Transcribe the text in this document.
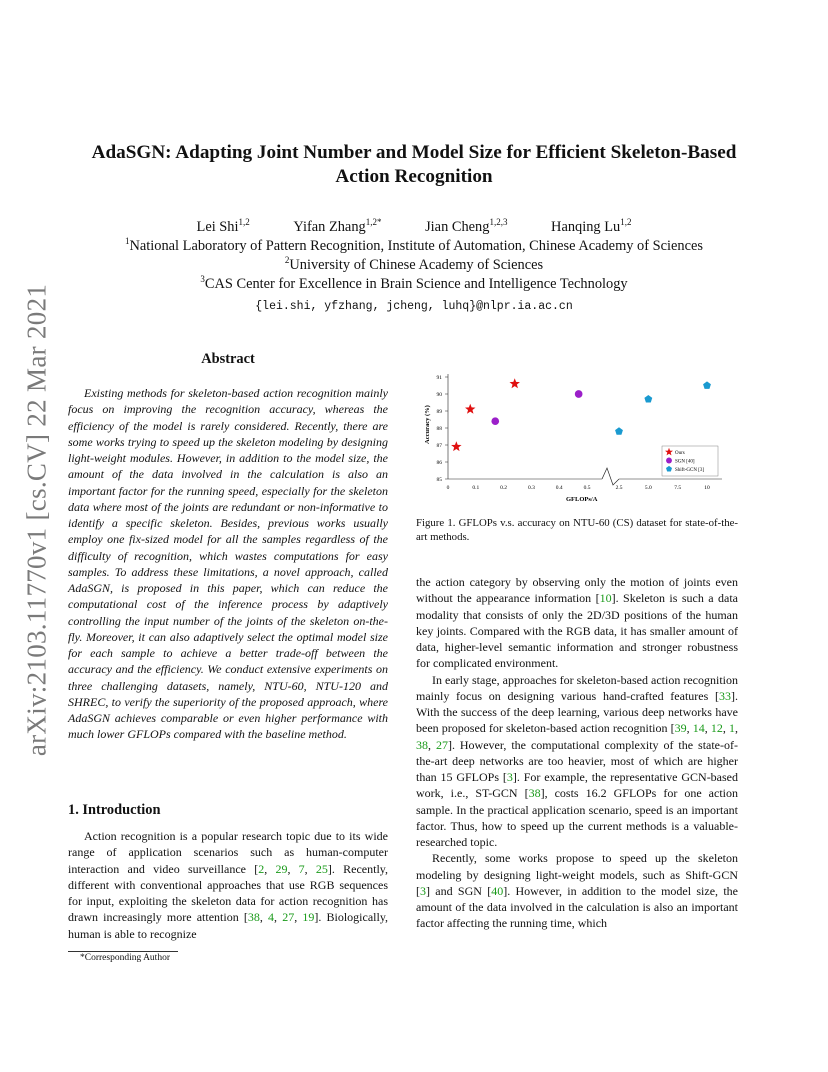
arXiv:2103.11770v1 [cs.CV] 22 Mar 2021
AdaSGN: Adapting Joint Number and Model Size for Efficient Skeleton-Based
Action Recognition
Lei Shi$^{1,2}$	Yifan Zhang$^{1,2*}$	Jian Cheng$^{1,2,3}$	Hanqing Lu$^{1,2}$
$^1$National Laboratory of Pattern Recognition, Institute of Automation, Chinese Academy of Sciences
$^2$University of Chinese Academy of Sciences
$^3$CAS Center for Excellence in Brain Science and Intelligence Technology
{lei.shi, yfzhang, jcheng, luhq}@nlpr.ia.ac.cn
Abstract

Existing methods for skeleton-based action recognition mainly focus on improving the recognition accuracy, whereas the efficiency of the model is rarely considered. Recently, there are some works trying to speed up the skeleton modeling by designing light-weight modules. However, in addition to the model size, the amount of the data involved in the calculation is also an important factor for the running speed, especially for the skeleton data where most of the joints are redundant or non-informative to identify a specific skeleton. Besides, previous works usually employ one fix-sized model for all the samples regardless of the difficulty of recognition, which wastes computations for easy samples. To address these limitations, a novel approach, called AdaSGN, is proposed in this paper, which can reduce the computational cost of the inference process by adaptively controlling the input number of the joints of the skeleton on-the-fly. Moreover, it can also adaptively select the optimal model size for each sample to achieve a better trade-off between the accuracy and the efficiency. We conduct extensive experiments on three challenging datasets, namely, NTU-60, NTU-120 and SHREC, to verify the superiority of the proposed approach, where AdaSGN achieves comparable or even higher performance with much lower GFLOPs compared with the baseline method.

1. Introduction

Action recognition is a popular research topic due to its wide range of application scenarios such as human-computer interaction and video surveillance [2, 29, 7, 25]. Recently, different with conventional approaches that use RGB sequences for input, exploiting the skeleton data for action recognition has drawn increasingly more attention [38, 4, 27, 19]. Biologically, human is able to recognize

*Corresponding Author
Accuracy (%)
GFLOPs/A
85
86
87
88
89
90
91
0	0.1	0.2	0.3	0.4	0.5	2.5	5.0	7.5	10
Ours
SGN [40]
Shift-GCN [3]
Figure 1. GFLOPs v.s. accuracy on NTU-60 (CS) dataset for state-of-the-art methods.

the action category by observing only the motion of joints even without the appearance information [10]. Skeleton is such a data modality that consists of only the 2D/3D positions of the human key joints. Compared with the RGB data, it has smaller amount of data, higher-level semantic information and stronger robustness for complicated environment.

In early stage, approaches for skeleton-based action recognition mainly focus on designing various hand-crafted features [33]. With the success of the deep learning, various deep networks have been proposed for skeleton-based action recognition [39, 14, 12, 1, 38, 27]. However, the computational complexity of the state-of-the-art deep networks are too heavier, most of which are higher than 15 GFLOPs [3]. For example, the representative GCN-based work, i.e., ST-GCN [38], costs 16.2 GFLOPs for one action sample. In the practical application scenario, speed is an important factor. Thus, how to speed up the current methods is a valuable-researched topic.

Recently, some works propose to speed up the skeleton modeling by designing light-weight models, such as Shift-GCN [3] and SGN [40]. However, in addition to the model size, the amount of the data involved in the calculation is also an important factor affecting the running time, which
